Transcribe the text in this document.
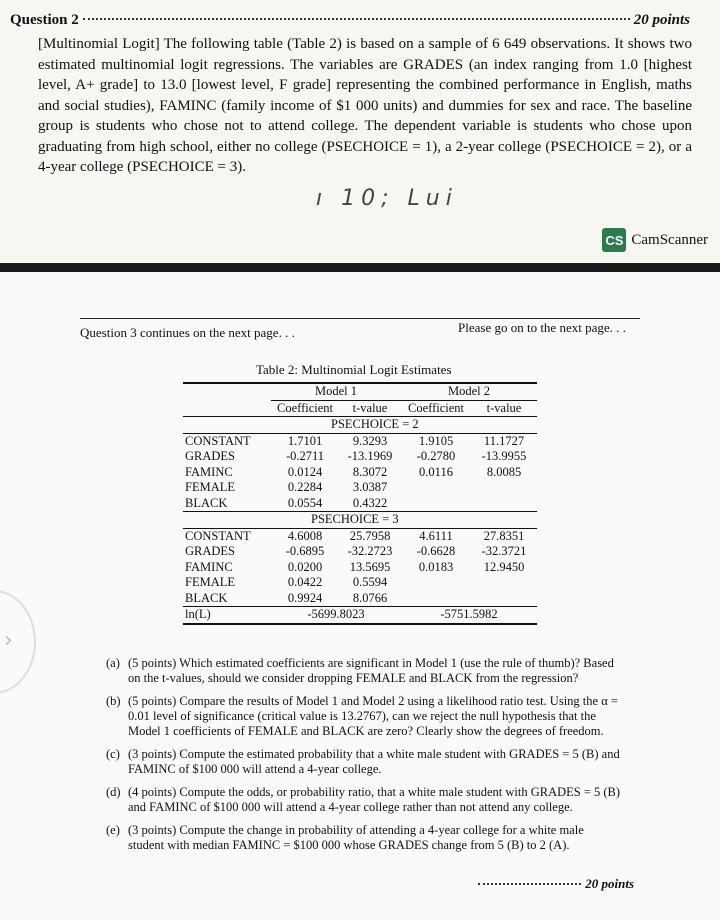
Question 2	20 points
[Multinomial Logit] The following table (Table 2) is based on a sample of 6 649 observations. It shows two estimated multinomial logit regressions. The variables are GRADES (an index ranging from 1.0 [highest level, A+ grade] to 13.0 [lowest level, F grade] representing the combined performance in English, maths and social studies), FAMINC (family income of $1 000 units) and dummies for sex and race. The baseline group is students who chose not to attend college. The dependent variable is students who chose upon graduating from high school, either no college (PSECHOICE = 1), a 2-year college (PSECHOICE = 2), or a 4-year college (PSECHOICE = 3).
ı 10; Lui
CS CamScanner
›
Question 3 continues on the next page. . .	Please go on to the next page. . .
Table 2: Multinomial Logit Estimates
	Model 1		Model 2	
	Coefficient	t-value	Coefficient	t-value
	PSECHOICE = 2			
CONSTANT	1.7101	9.3293	1.9105	11.1727
GRADES	-0.2711	-13.1969	-0.2780	-13.9955
FAMINC	0.0124	8.3072	0.0116	8.0085
FEMALE	0.2284	3.0387		
BLACK	0.0554	0.4322		
	PSECHOICE = 3			
CONSTANT	4.6008	25.7958	4.6111	27.8351
GRADES	-0.6895	-32.2723	-0.6628	-32.3721
FAMINC	0.0200	13.5695	0.0183	12.9450
FEMALE	0.0422	0.5594		
BLACK	0.9924	8.0766		
ln(L)	-5699.8023		-5751.5982	
(a) (5 points) Which estimated coefficients are significant in Model 1 (use the rule of thumb)? Based on the t-values, should we consider dropping FEMALE and BLACK from the regression?
(b) (5 points) Compare the results of Model 1 and Model 2 using a likelihood ratio test. Using the α = 0.01 level of significance (critical value is 13.2767), can we reject the null hypothesis that the Model 1 coefficients of FEMALE and BLACK are zero? Clearly show the degrees of freedom.
(c) (3 points) Compute the estimated probability that a white male student with GRADES = 5 (B) and FAMINC of $100 000 will attend a 4-year college.
(d) (4 points) Compute the odds, or probability ratio, that a white male student with GRADES = 5 (B) and FAMINC of $100 000 will attend a 4-year college rather than not attend any college.
(e) (3 points) Compute the change in probability of attending a 4-year college for a white male student with median FAMINC = $100 000 whose GRADES change from 5 (B) to 2 (A).
20 points
